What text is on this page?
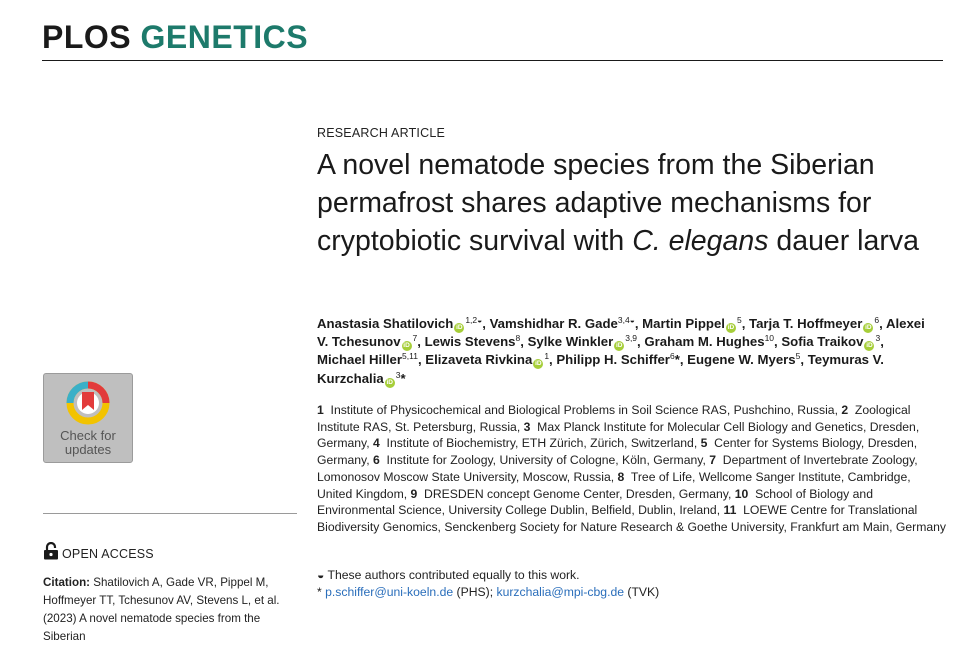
PLOS GENETICS
RESEARCH ARTICLE
A novel nematode species from the Siberian permafrost shares adaptive mechanisms for cryptobiotic survival with C. elegans dauer larva
Anastasia Shatilovich $iD^{1,2◒}$, Vamshidhar R. Gade$^{3,4◒}$, Martin Pippel $iD^5$, Tarja T. Hoffmeyer $iD^6$, Alexei V. Tchesunov $iD^7$, Lewis Stevens$^8$, Sylke Winkler iD$^{3,9}$, Graham M. Hughes$^{10}$, Sofia Traikov $iD^3$, Michael Hiller$^{5,11}$, Elizaveta Rivkina $iD^1$, Philipp H. Schiffer$^6$*, Eugene W. Myers$^5$, Teymuras V. Kurzchalia $iD^3*$
1  Institute of Physicochemical and Biological Problems in Soil Science RAS, Pushchino, Russia, 2  Zoological Institute RAS, St. Petersburg, Russia, 3  Max Planck Institute for Molecular Cell Biology and Genetics, Dresden, Germany, 4  Institute of Biochemistry, ETH Zürich, Zürich, Switzerland, 5  Center for Systems Biology, Dresden, Germany, 6  Institute for Zoology, University of Cologne, Köln, Germany, 7  Department of Invertebrate Zoology, Lomonosov Moscow State University, Moscow, Russia, 8  Tree of Life, Wellcome Sanger Institute, Cambridge, United Kingdom, 9  DRESDEN concept Genome Center, Dresden, Germany, 10  School of Biology and Environmental Science, University College Dublin, Belfield, Dublin, Ireland, 11  LOEWE Centre for Translational Biodiversity Genomics, Senckenberg Society for Nature Research & Goethe University, Frankfurt am Main, Germany
◒ These authors contributed equally to this work.
* p.schiffer@uni-koeln.de (PHS); kurzchalia@mpi-cbg.de (TVK)
Check for
updates
OPEN ACCESS
Citation: Shatilovich A, Gade VR, Pippel M, Hoffmeyer TT, Tchesunov AV, Stevens L, et al. (2023) A novel nematode species from the Siberian
